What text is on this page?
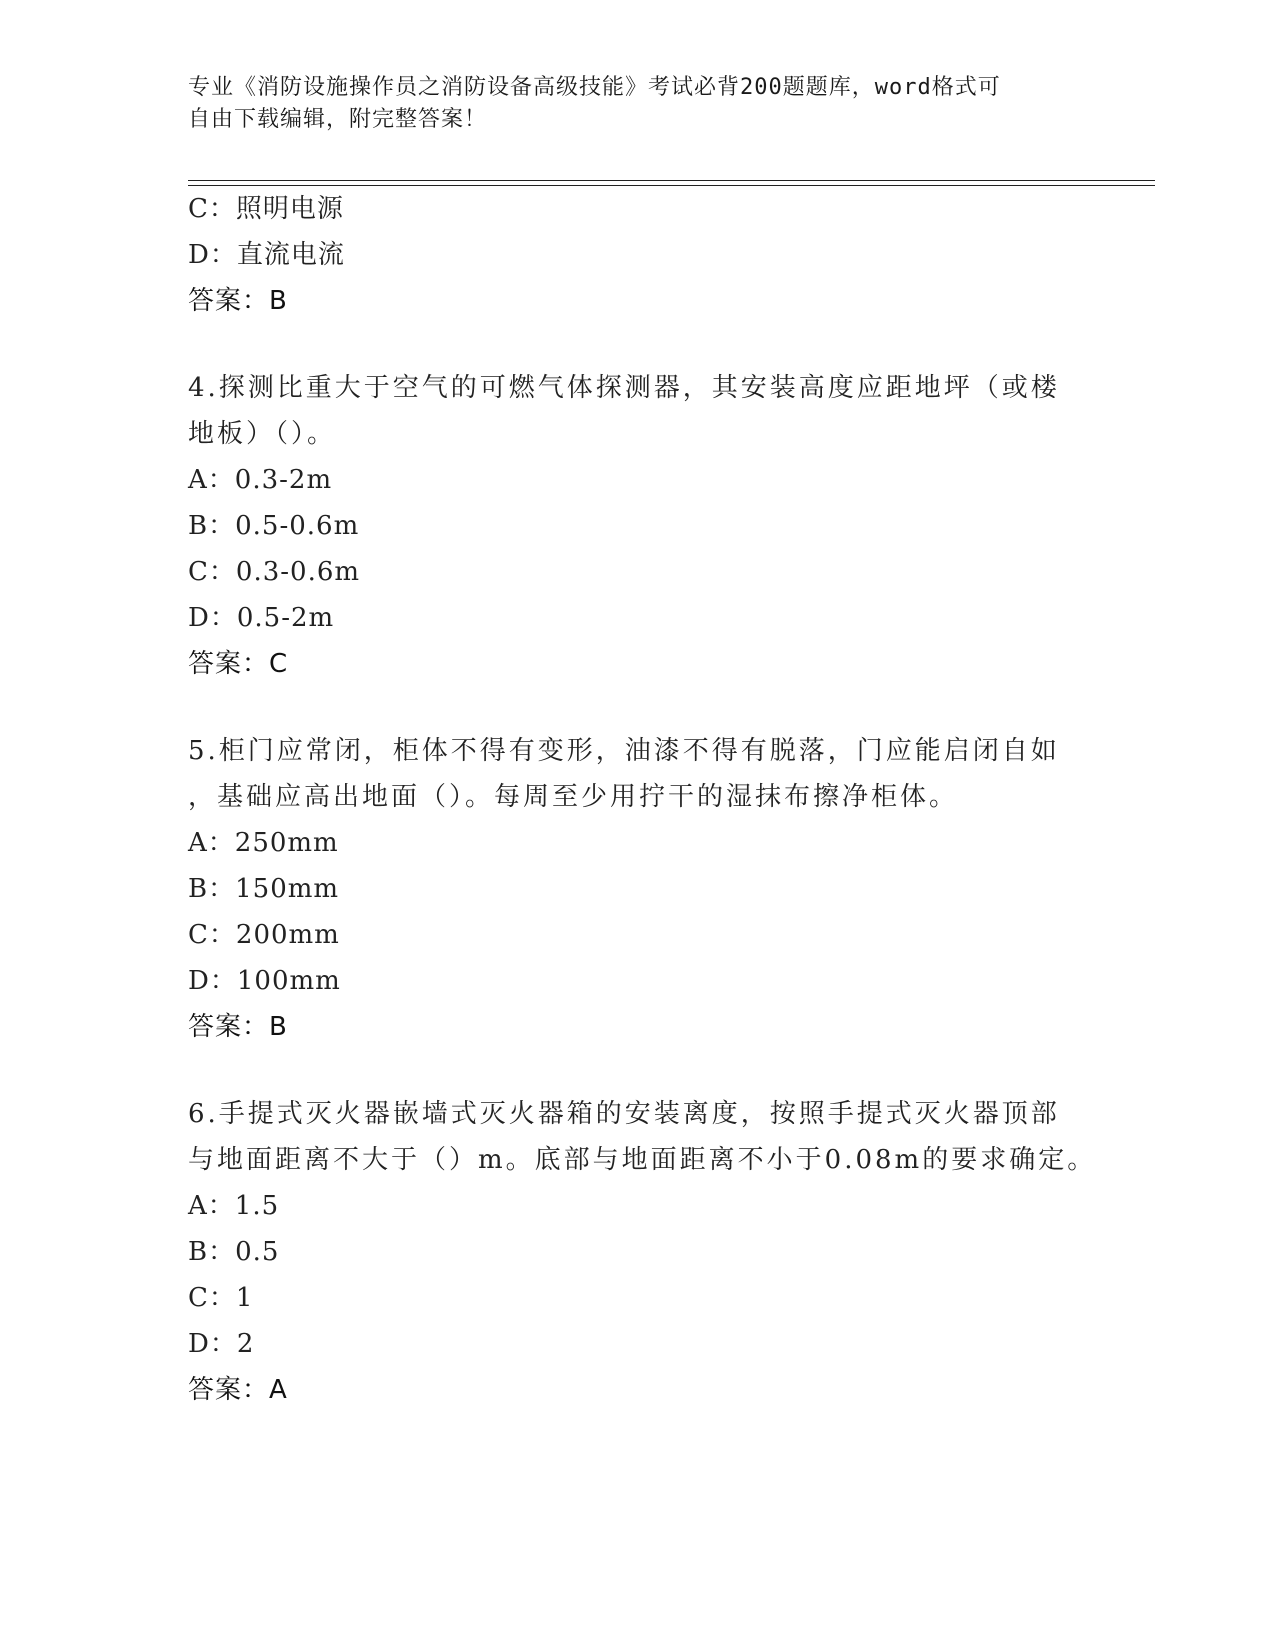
专业《消防设施操作员之消防设备高级技能》考试必背200题题库，word格式可
自由下载编辑，附完整答案！
C：照明电源
D：直流电流
答案：B
4.探测比重大于空气的可燃气体探测器，其安装高度应距地坪（或楼
地板）（）。
A：0.3-2m
B：0.5-0.6m
C：0.3-0.6m
D：0.5-2m
答案：C
5.柜门应常闭，柜体不得有变形，油漆不得有脱落，门应能启闭自如
，基础应高出地面（）。每周至少用拧干的湿抹布擦净柜体。
A：250mm
B：150mm
C：200mm
D：100mm
答案：B
6.手提式灭火器嵌墙式灭火器箱的安装离度，按照手提式灭火器顶部
与地面距离不大于（）m。底部与地面距离不小于0.08m的要求确定。
A：1.5
B：0.5
C：1
D：2
答案：A
